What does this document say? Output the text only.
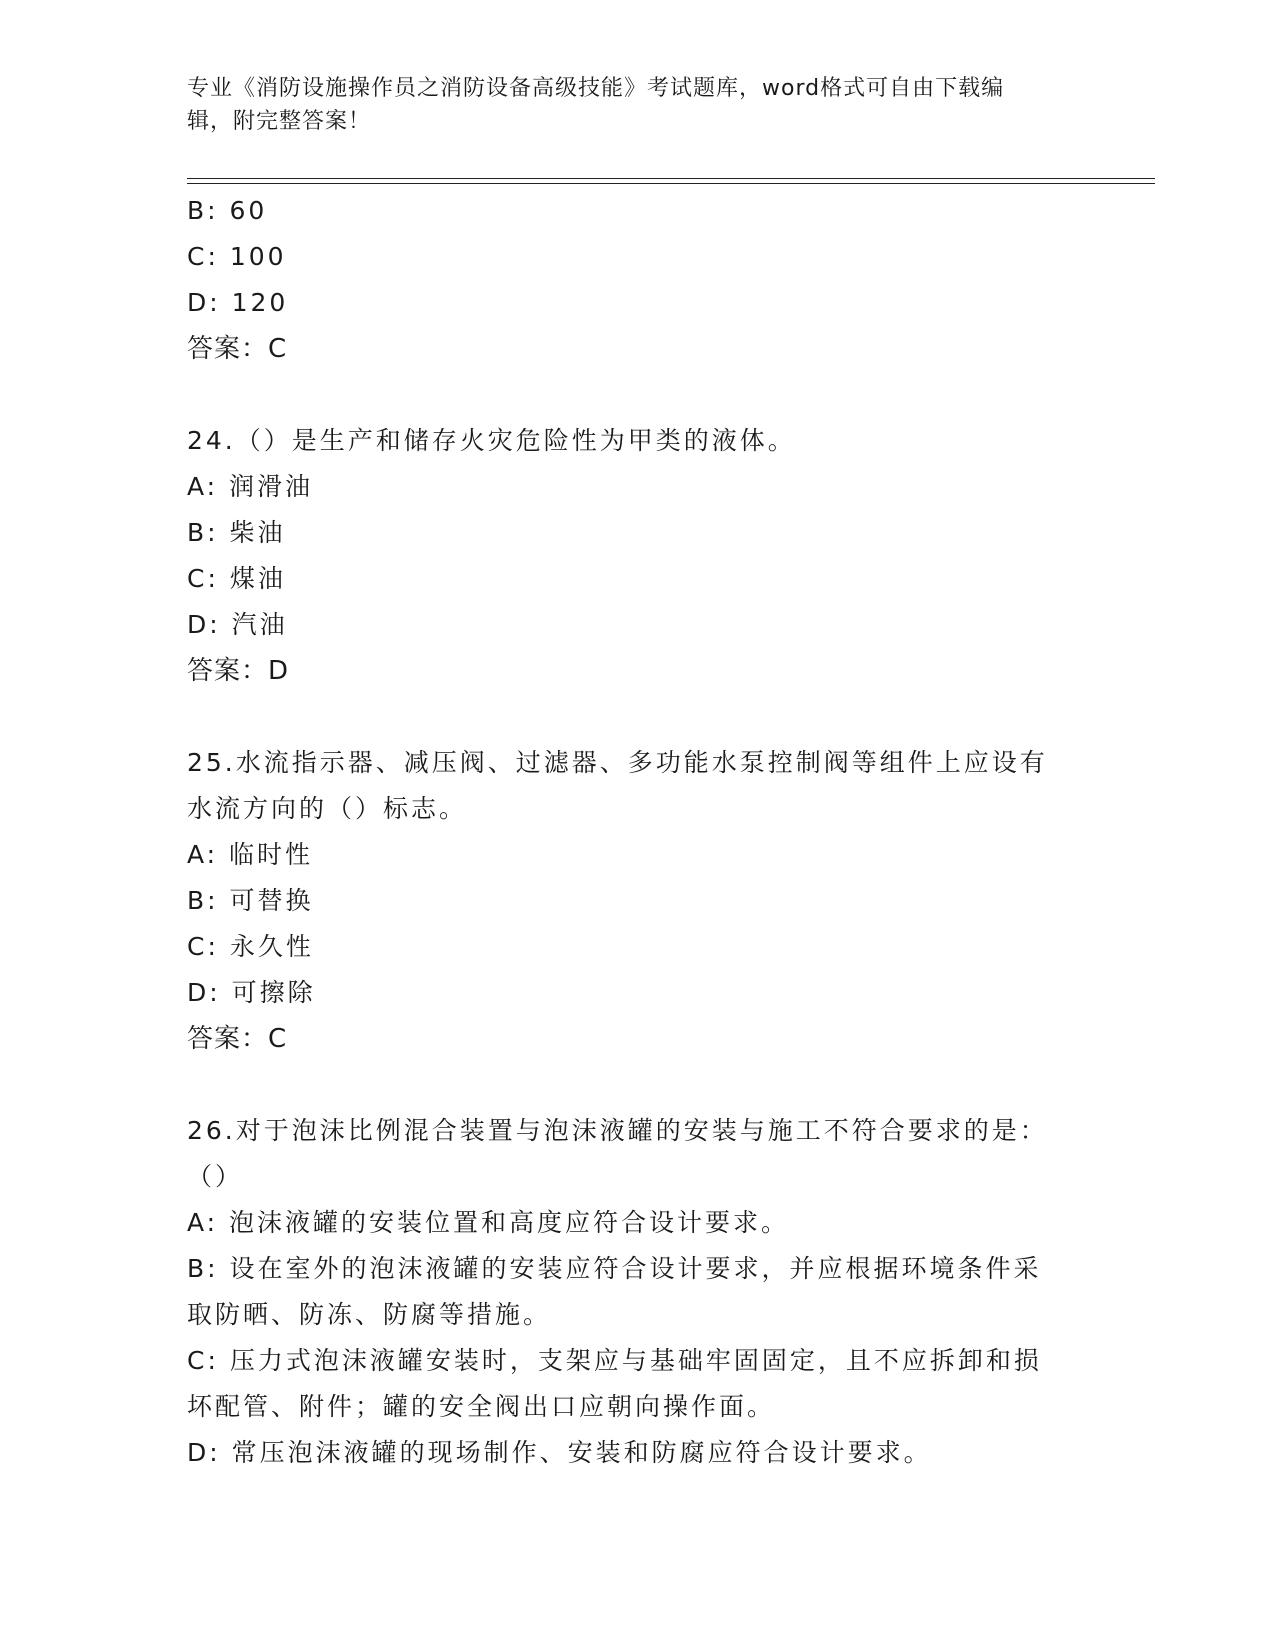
专业《消防设施操作员之消防设备高级技能》考试题库，word格式可自由下载编
辑，附完整答案！
B: 60
C: 100
D: 120
答案：C
24.（）是生产和储存火灾危险性为甲类的液体。
A: 润滑油
B: 柴油
C: 煤油
D: 汽油
答案：D
25.水流指示器、减压阀、过滤器、多功能水泵控制阀等组件上应设有
水流方向的（）标志。
A: 临时性
B: 可替换
C: 永久性
D: 可擦除
答案：C
26.对于泡沫比例混合装置与泡沫液罐的安装与施工不符合要求的是：
（）
A: 泡沫液罐的安装位置和高度应符合设计要求。
B: 设在室外的泡沫液罐的安装应符合设计要求，并应根据环境条件采
取防晒、防冻、防腐等措施。
C: 压力式泡沫液罐安装时，支架应与基础牢固固定，且不应拆卸和损
坏配管、附件；罐的安全阀出口应朝向操作面。
D: 常压泡沫液罐的现场制作、安装和防腐应符合设计要求。
